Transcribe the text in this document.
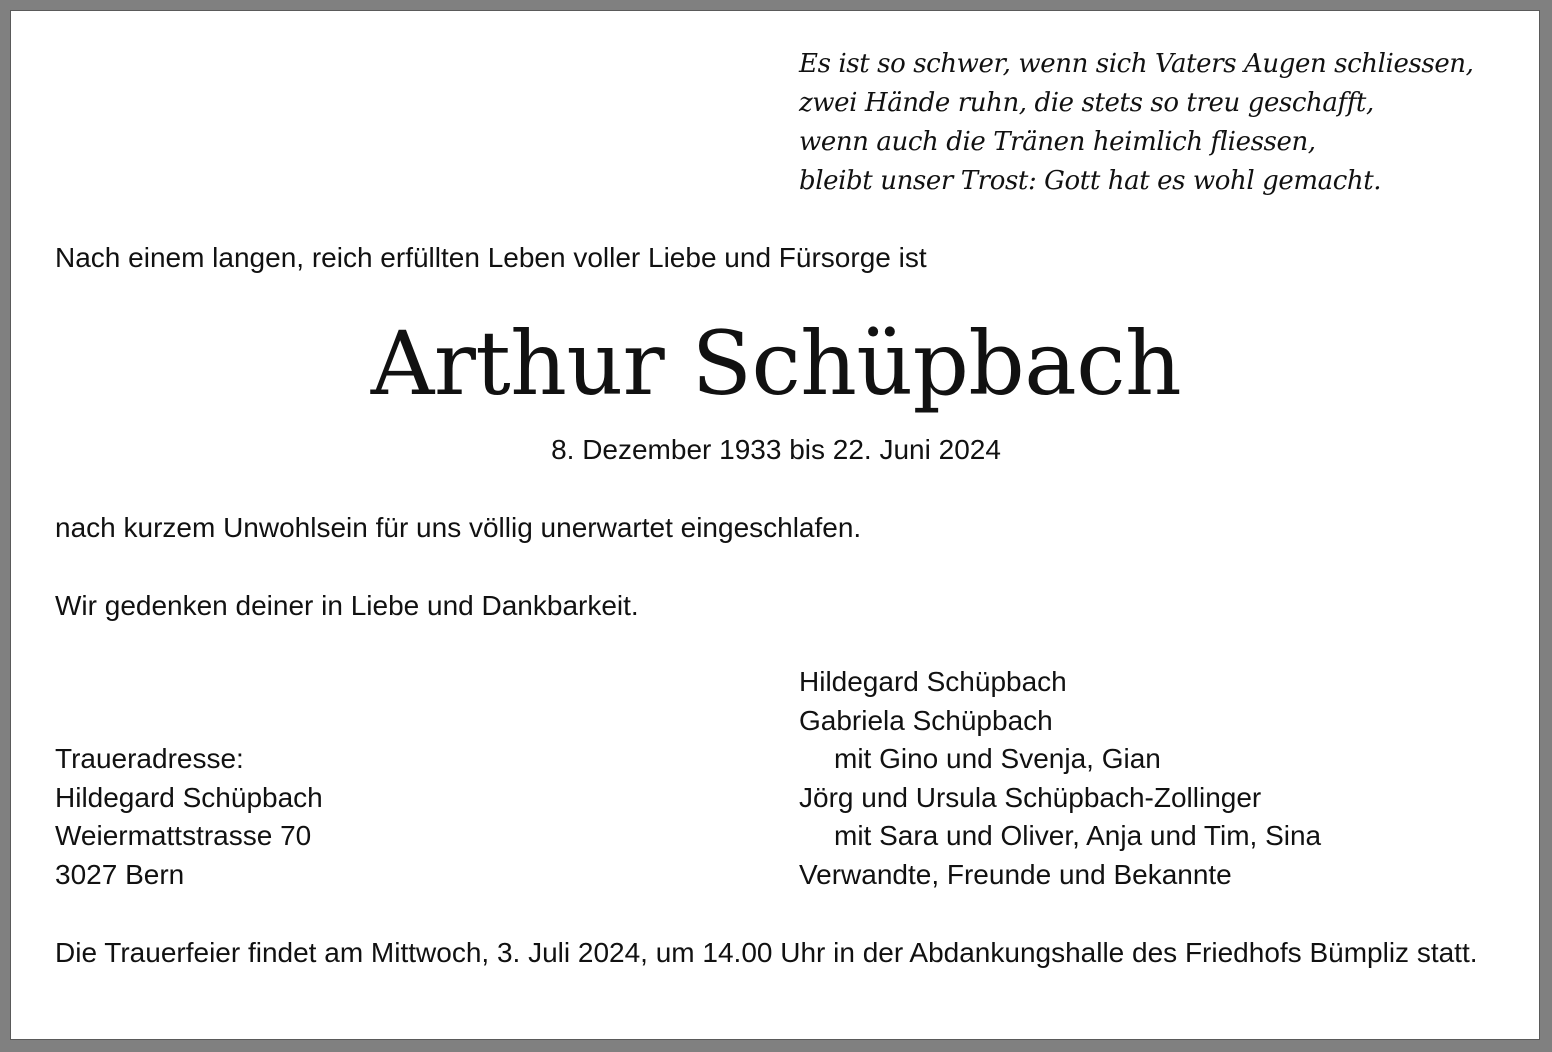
Es ist so schwer, wenn sich Vaters Augen schliessen,
zwei Hände ruhn, die stets so treu geschafft,
wenn auch die Tränen heimlich fliessen,
bleibt unser Trost: Gott hat es wohl gemacht.
Nach einem langen, reich erfüllten Leben voller Liebe und Fürsorge ist
Arthur Schüpbach
8. Dezember 1933 bis 22. Juni 2024
nach kurzem Unwohlsein für uns völlig unerwartet eingeschlafen.
Wir gedenken deiner in Liebe und Dankbarkeit.
Hildegard Schüpbach
Gabriela Schüpbach
mit Gino und Svenja, Gian
Jörg und Ursula Schüpbach-Zollinger
mit Sara und Oliver, Anja und Tim, Sina
Verwandte, Freunde und Bekannte
Traueradresse:
Hildegard Schüpbach
Weiermattstrasse 70
3027 Bern
Die Trauerfeier findet am Mittwoch, 3. Juli 2024, um 14.00 Uhr in der Abdankungshalle des Friedhofs Bümpliz statt.
